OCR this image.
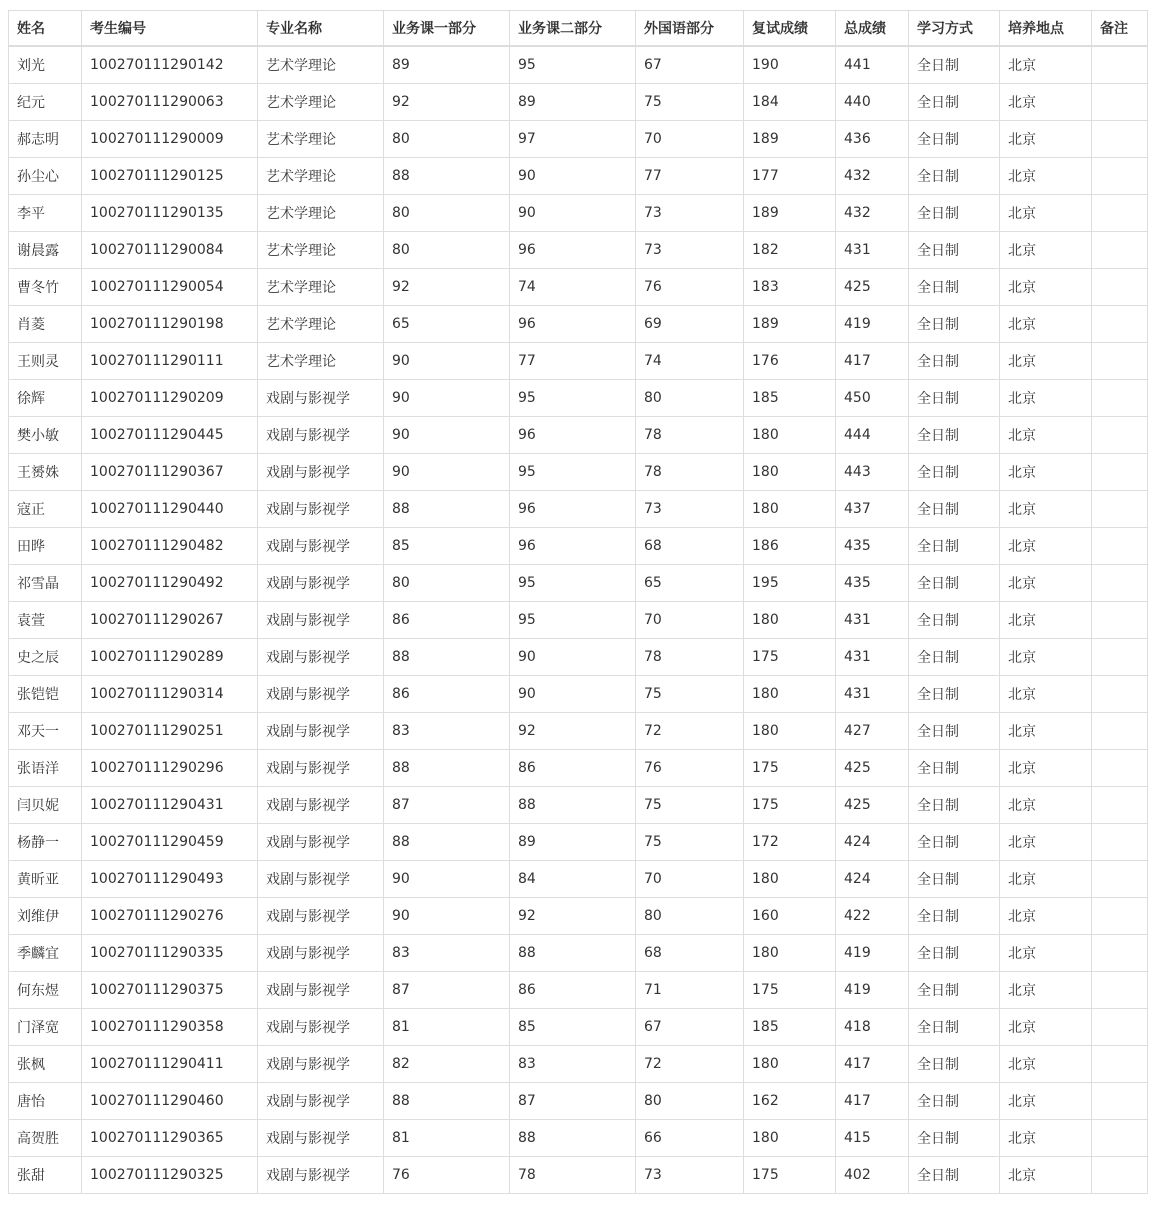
姓名	考生编号	专业名称	业务课一部分	业务课二部分	外国语部分	复试成绩	总成绩	学习方式	培养地点	备注
刘光	100270111290142	艺术学理论	89	95	67	190	441	全日制	北京	
纪元	100270111290063	艺术学理论	92	89	75	184	440	全日制	北京	
郝志明	100270111290009	艺术学理论	80	97	70	189	436	全日制	北京	
孙尘心	100270111290125	艺术学理论	88	90	77	177	432	全日制	北京	
李平	100270111290135	艺术学理论	80	90	73	189	432	全日制	北京	
谢晨露	100270111290084	艺术学理论	80	96	73	182	431	全日制	北京	
曹冬竹	100270111290054	艺术学理论	92	74	76	183	425	全日制	北京	
肖菱	100270111290198	艺术学理论	65	96	69	189	419	全日制	北京	
王则灵	100270111290111	艺术学理论	90	77	74	176	417	全日制	北京	
徐辉	100270111290209	戏剧与影视学	90	95	80	185	450	全日制	北京	
樊小敏	100270111290445	戏剧与影视学	90	96	78	180	444	全日制	北京	
王赟姝	100270111290367	戏剧与影视学	90	95	78	180	443	全日制	北京	
寇正	100270111290440	戏剧与影视学	88	96	73	180	437	全日制	北京	
田晔	100270111290482	戏剧与影视学	85	96	68	186	435	全日制	北京	
祁雪晶	100270111290492	戏剧与影视学	80	95	65	195	435	全日制	北京	
袁萱	100270111290267	戏剧与影视学	86	95	70	180	431	全日制	北京	
史之辰	100270111290289	戏剧与影视学	88	90	78	175	431	全日制	北京	
张铠铠	100270111290314	戏剧与影视学	86	90	75	180	431	全日制	北京	
邓天一	100270111290251	戏剧与影视学	83	92	72	180	427	全日制	北京	
张语洋	100270111290296	戏剧与影视学	88	86	76	175	425	全日制	北京	
闫贝妮	100270111290431	戏剧与影视学	87	88	75	175	425	全日制	北京	
杨静一	100270111290459	戏剧与影视学	88	89	75	172	424	全日制	北京	
黄昕亚	100270111290493	戏剧与影视学	90	84	70	180	424	全日制	北京	
刘维伊	100270111290276	戏剧与影视学	90	92	80	160	422	全日制	北京	
季麟宜	100270111290335	戏剧与影视学	83	88	68	180	419	全日制	北京	
何东煜	100270111290375	戏剧与影视学	87	86	71	175	419	全日制	北京	
门泽宽	100270111290358	戏剧与影视学	81	85	67	185	418	全日制	北京	
张枫	100270111290411	戏剧与影视学	82	83	72	180	417	全日制	北京	
唐怡	100270111290460	戏剧与影视学	88	87	80	162	417	全日制	北京	
高贺胜	100270111290365	戏剧与影视学	81	88	66	180	415	全日制	北京	
张甜	100270111290325	戏剧与影视学	76	78	73	175	402	全日制	北京	
